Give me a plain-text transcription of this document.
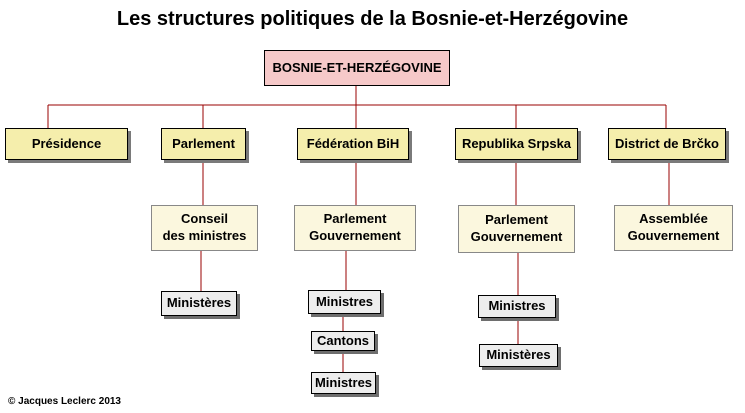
Les structures politiques de la Bosnie-et-Herzégovine
BOSNIE-ET-HERZÉGOVINE
Présidence	Parlement	Fédération BiH	Republika Srpska	District de Brčko
Conseil
des ministres
Parlement
Gouvernement
Parlement
Gouvernement
Assemblée
Gouvernement
Ministères	Ministres
Cantons
Ministres
Ministres
Ministères
© Jacques Leclerc 2013
